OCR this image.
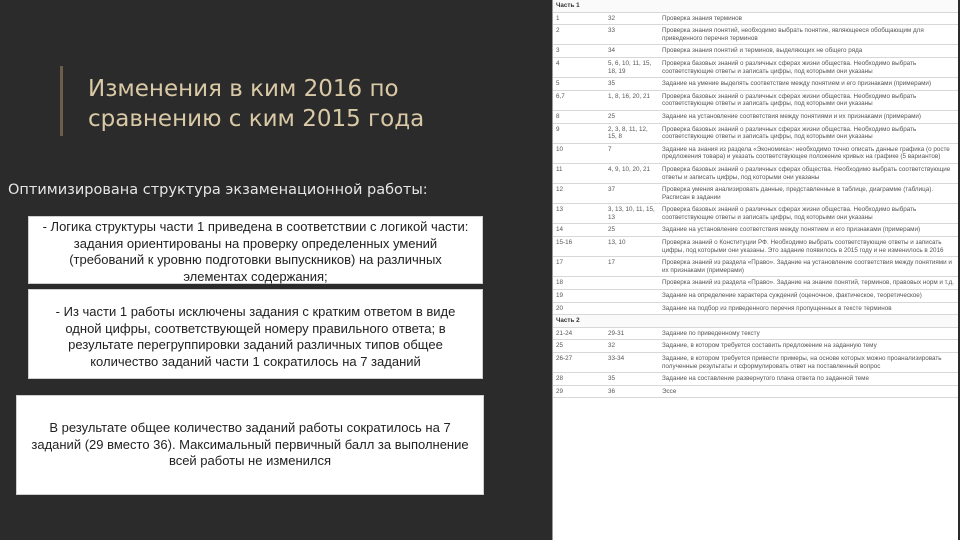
Изменения в ким 2016 по сравнению с ким 2015 года
Оптимизирована структура экзаменационной работы:
- Логика структуры части 1 приведена в соответствии с логикой части: задания ориентированы на проверку определенных умений (требований к уровню подготовки выпускников) на различных элементах содержания;
- Из части 1 работы исключены задания с кратким ответом в виде одной цифры, соответствующей номеру правильного ответа; в результате перегруппировки заданий различных типов общее количество заданий части 1 сократилось на 7 заданий
В результате общее количество заданий работы сократилось на 7 заданий (29 вместо 36). Максимальный первичный балл за выполнение всей работы не изменился
Часть 1		
1	32	Проверка знания терминов
2	33	Проверка знания понятий, необходимо выбрать понятие, являющееся обобщающим для приведенного перечня терминов
3	34	Проверка знания понятий и терминов, выделяющих не общего ряда
4	5, 6, 10, 11, 15, 18, 19	Проверка базовых знаний о различных сферах жизни общества. Необходимо выбрать соответствующие ответы и записать цифры, под которыми они указаны
5	35	Задание на умение выделять соответствие между понятием и его признаками (примерами)
6,7	1, 8, 16, 20, 21	Проверка базовых знаний о различных сферах жизни общества. Необходимо выбрать соответствующие ответы и записать цифры, под которыми они указаны
8	25	Задание на установление соответствия между понятиями и их признаками (примерами)
9	2, 3, 8, 11, 12, 15, 8	Проверка базовых знаний о различных сферах жизни общества. Необходимо выбрать соответствующие ответы и записать цифры, под которыми они указаны
10	7	Задание на знания из раздела «Экономика»: необходимо точно описать данные графика (о росте предложения товара) и указать соответствующее положение кривых на графике (5 вариантов)
11	4, 9, 10, 20, 21	Проверка базовых знаний о различных сферах общества. Необходимо выбрать соответствующие ответы и записать цифры, под которыми они указаны
12	37	Проверка умения анализировать данные, представленные в таблице, диаграмме (таблица). Расписан в задании
13	3, 13, 10, 11, 15, 13	Проверка базовых знаний о различных сферах жизни общества. Необходимо выбрать соответствующие ответы и записать цифры, под которыми они указаны
14	25	Задание на установление соответствия между понятием и его признаками (примерами)
15-16	13, 10	Проверка знаний о Конституции РФ. Необходимо выбрать соответствующие ответы и записать цифры, под которыми они указаны. Это задание появилось в 2015 году и не изменилось в 2016
17	17	Проверка знаний из раздела «Право». Задание на установление соответствия между понятиями и их признаками (примерами)
18		Проверка знаний из раздела «Право». Задание на знание понятий, терминов, правовых норм и т.д.
19		Задание на определение характера суждений (оценочное, фактическое, теоретическое)
20		Задание на подбор из приведенного перечня пропущенных в тексте терминов
Часть 2		
21-24	29-31	Задание по приведенному тексту
25	32	Задание, в котором требуется составить предложение на заданную тему
26-27	33-34	Задание, в котором требуется привести примеры, на основе которых можно проанализировать полученные результаты и сформулировать ответ на поставленный вопрос
28	35	Задание на составление развернутого плана ответа по заданной теме
29	36	Эссе
